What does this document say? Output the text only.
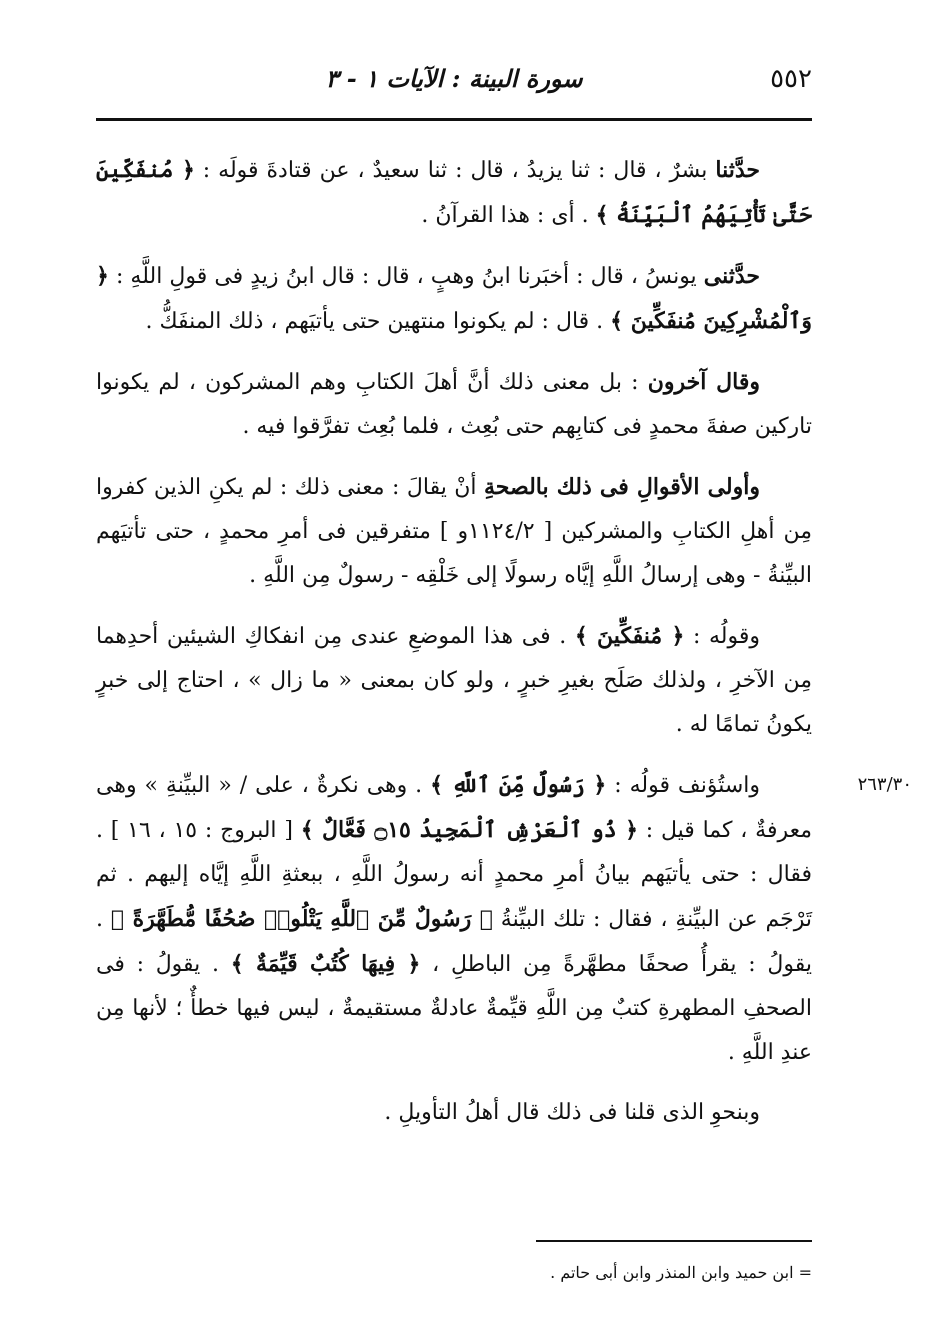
٥٥٢
سورة البينة : الآيات ١ - ٣

حدَّثنا بشرٌ ، قال : ثنا يزيدُ ، قال : ثنا سعيدٌ ، عن قتادةَ قولَه : ﴿ مُنفَكِّينَ حَتَّىٰ تَأْتِيَهُمُ ٱلْبَيِّنَةُ ﴾ . أى : هذا القرآنُ .

حدَّثنى يونسُ ، قال : أخبَرنا ابنُ وهبٍ ، قال : قال ابنُ زيدٍ فى قولِ اللَّهِ : ﴿ وَٱلْمُشْرِكِينَ مُنفَكِّينَ ﴾ . قال : لم يكونوا منتهين حتى يأتيَهم ، ذلك المنفَكُّ .

وقال آخرون : بل معنى ذلك أنَّ أهلَ الكتابِ وهم المشركون ، لم يكونوا تاركين صفةَ محمدٍ فى كتابِهم حتى بُعِث ، فلما بُعِث تفرَّقوا فيه .

وأولى الأقوالِ فى ذلك بالصحةِ أنْ يقالَ : معنى ذلك : لم يكنِ الذين كفروا مِن أهلِ الكتابِ والمشركين [ ١١٢٤/٢و ] متفرقين فى أمرِ محمدٍ ، حتى تأتيَهم البيِّنةُ - وهى إرسالُ اللَّهِ إيَّاه رسولًا إلى خَلْقِه - رسولٌ مِن اللَّهِ .

وقولُه : ﴿ مُنفَكِّينَ ﴾ . فى هذا الموضعِ عندى مِن انفكاكِ الشيئين أحدِهما مِن الآخرِ ، ولذلك صَلَح بغيرِ خبرٍ ، ولو كان بمعنى « ما زال » ، احتاج إلى خبرٍ يكونُ تمامًا له .

٢٦٣/٣٠
واستُؤنف قولُه : ﴿ رَسُولٌ مِّنَ ٱللَّهِ ﴾ . وهى نكرةٌ ، على / « البيِّنةِ » وهى معرفةٌ ، كما قيل : ﴿ ذُو ٱلْعَرْشِ ٱلْمَجِيدُ ۝١٥ فَعَّالٌ ﴾ [ البروج : ١٥ ، ١٦ ] . فقال : حتى يأتيَهم بيانُ أمرِ محمدٍ أنه رسولُ اللَّهِ ، ببعثةِ اللَّهِ إيَّاه إليهم . ثم تَرْجَم عن البيِّنةِ ، فقال : تلك البيِّنةُ ﴿ رَسُولٌ مِّنَ ٱللَّهِ يَتْلُوا۟ صُحُفًا مُّطَهَّرَةً ﴾ . يقولُ : يقرأُ صحفًا مطهَّرةً مِن الباطلِ ، ﴿ فِيهَا كُتُبٌ قَيِّمَةٌ ﴾ . يقولُ : فى الصحفِ المطهرةِ كتبٌ مِن اللَّهِ قيِّمةٌ عادلةٌ مستقيمةٌ ، ليس فيها خطأٌ ؛ لأنها مِن عندِ اللَّهِ .

وبنحوِ الذى قلنا فى ذلك قال أهلُ التأويلِ .

= ابن حميد وابن المنذر وابن أبى حاتم .
